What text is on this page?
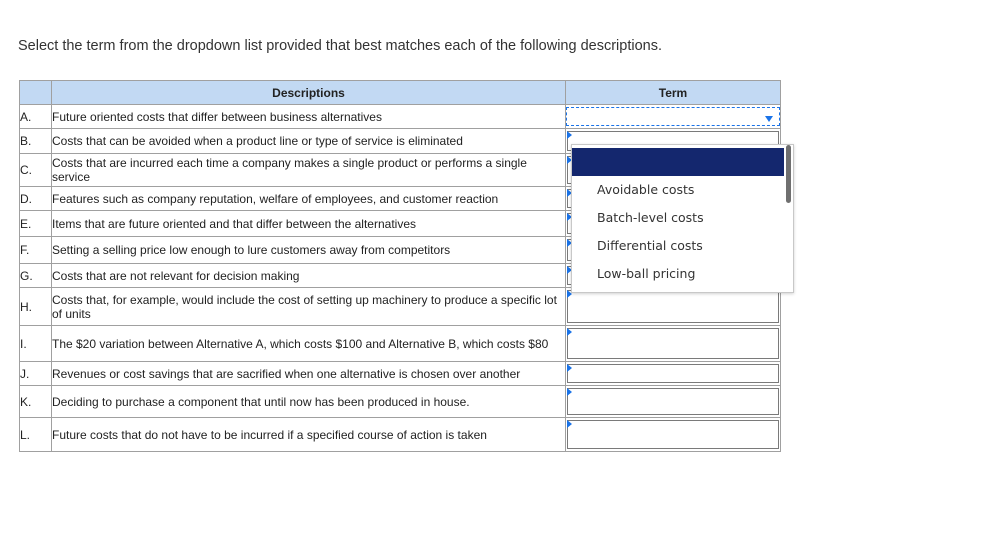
Select the term from the dropdown list provided that best matches each of the following descriptions.

	Descriptions	Term
A.	Future oriented costs that differ between business alternatives	

B.	Costs that can be avoided when a product line or type of service is eliminated	

C.	Costs that are incurred each time a company makes a single product or performs a single service	

D.	Features such as company reputation, welfare of employees, and customer reaction	

E.	Items that are future oriented and that differ between the alternatives	

F.	Setting a selling price low enough to lure customers away from competitors	

G.	Costs that are not relevant for decision making	

H.	Costs that, for example, would include the cost of setting up machinery to produce a specific lot of units	

I.	The $20 variation between Alternative A, which costs $100 and Alternative B, which costs $80	

J.	Revenues or cost savings that are sacrified when one alternative is chosen over another	

K.	Deciding to purchase a component that until now has been produced in house.	

L.	Future costs that do not have to be incurred if a specified course of action is taken	
Avoidable costs
Batch-level costs
Differential costs
Low-ball pricing
